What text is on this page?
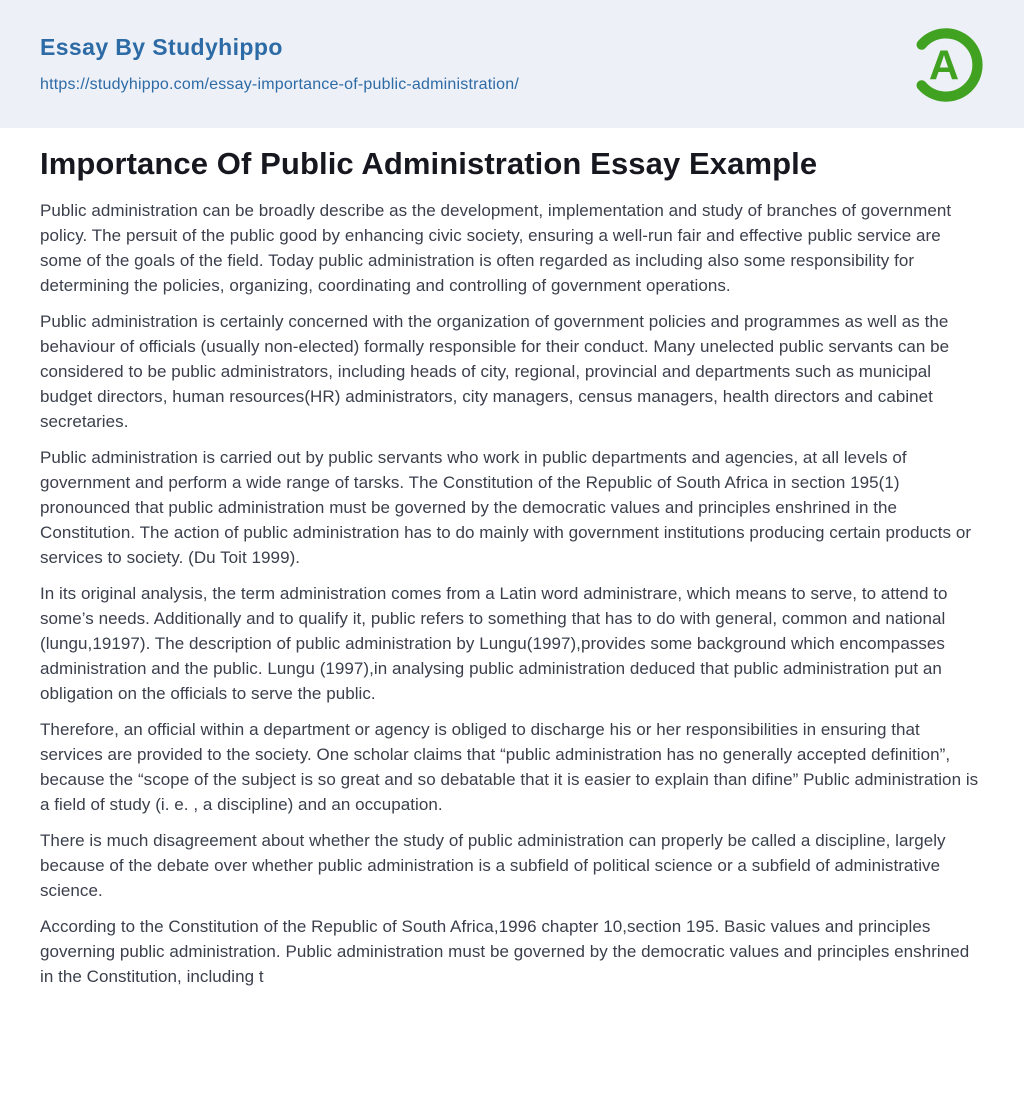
Essay By Studyhippo
https://studyhippo.com/essay-importance-of-public-administration/	A
Importance Of Public Administration Essay Example

Public administration can be broadly describe as the development, implementation and study of branches of government policy. The persuit of the public good by enhancing civic society, ensuring a well-run fair and effective public service are some of the goals of the field. Today public administration is often regarded as including also some responsibility for determining the policies, organizing, coordinating and controlling of government operations.

Public administration is certainly concerned with the organization of government policies and programmes as well as the behaviour of officials (usually non-elected) formally responsible for their conduct. Many unelected public servants can be considered to be public administrators, including heads of city, regional, provincial and departments such as municipal budget directors, human resources(HR) administrators, city managers, census managers, health directors and cabinet secretaries.

Public administration is carried out by public servants who work in public departments and agencies, at all levels of government and perform a wide range of tarsks. The Constitution of the Republic of South Africa in section 195(1) pronounced that public administration must be governed by the democratic values and principles enshrined in the Constitution. The action of public administration has to do mainly with government institutions producing certain products or services to society. (Du Toit 1999).

In its original analysis, the term administration comes from a Latin word administrare, which means to serve, to attend to some’s needs. Additionally and to qualify it, public refers to something that has to do with general, common and national (lungu,19197). The description of public administration by Lungu(1997),provides some background which encompasses administration and the public. Lungu (1997),in analysing public administration deduced that public administration put an obligation on the officials to serve the public.

Therefore, an official within a department or agency is obliged to discharge his or her responsibilities in ensuring that services are provided to the society. One scholar claims that “public administration has no generally accepted definition”, because the “scope of the subject is so great and so debatable that it is easier to explain than difine” Public administration is a field of study (i. e. , a discipline) and an occupation.

There is much disagreement about whether the study of public administration can properly be called a discipline, largely because of the debate over whether public administration is a subfield of political science or a subfield of administrative science.

According to the Constitution of the Republic of South Africa,1996 chapter 10,section 195. Basic values and principles governing public administration. Public administration must be governed by the democratic values and principles enshrined in the Constitution, including t
